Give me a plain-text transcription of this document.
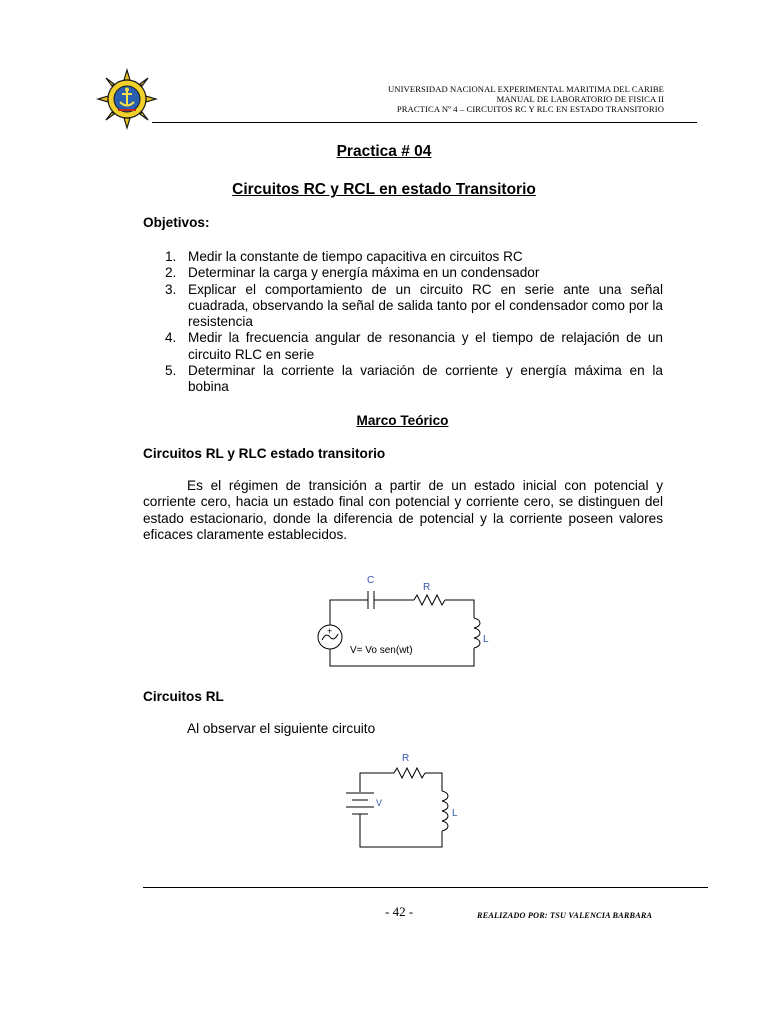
UNIVERSIDAD NACIONAL EXPERIMENTAL MARITIMA DEL CARIBE
MANUAL DE LABORATORIO DE FISICA II
PRACTICA Nº 4 – CIRCUITOS RC Y RLC EN ESTADO TRANSITORIO
Practica # 04
Circuitos RC y RCL en estado Transitorio
Objetivos:
1. Medir la constante de tiempo capacitiva en circuitos RC
2. Determinar la carga y energía máxima en un condensador
3. Explicar el comportamiento de un circuito RC en serie ante una señal cuadrada, observando la señal de salida tanto por el condensador como por la resistencia
4. Medir la frecuencia angular de resonancia y el tiempo de relajación de un circuito RLC en serie
5. Determinar la corriente la variación de corriente y energía máxima en la bobina
Marco Teórico
Circuitos RL y RLC estado transitorio

Es el régimen de transición a partir de un estado inicial con potencial y corriente cero, hacia un estado final con potencial y corriente cero, se distinguen del estado estacionario, donde la diferencia de potencial y la corriente poseen valores eficaces claramente establecidos.

C
R
L
+
V= Vo sen(wt)
Circuitos RL
Al observar el siguiente circuito
R
L
V
- 42 -	REALIZADO POR: TSU VALENCIA BARBARA
